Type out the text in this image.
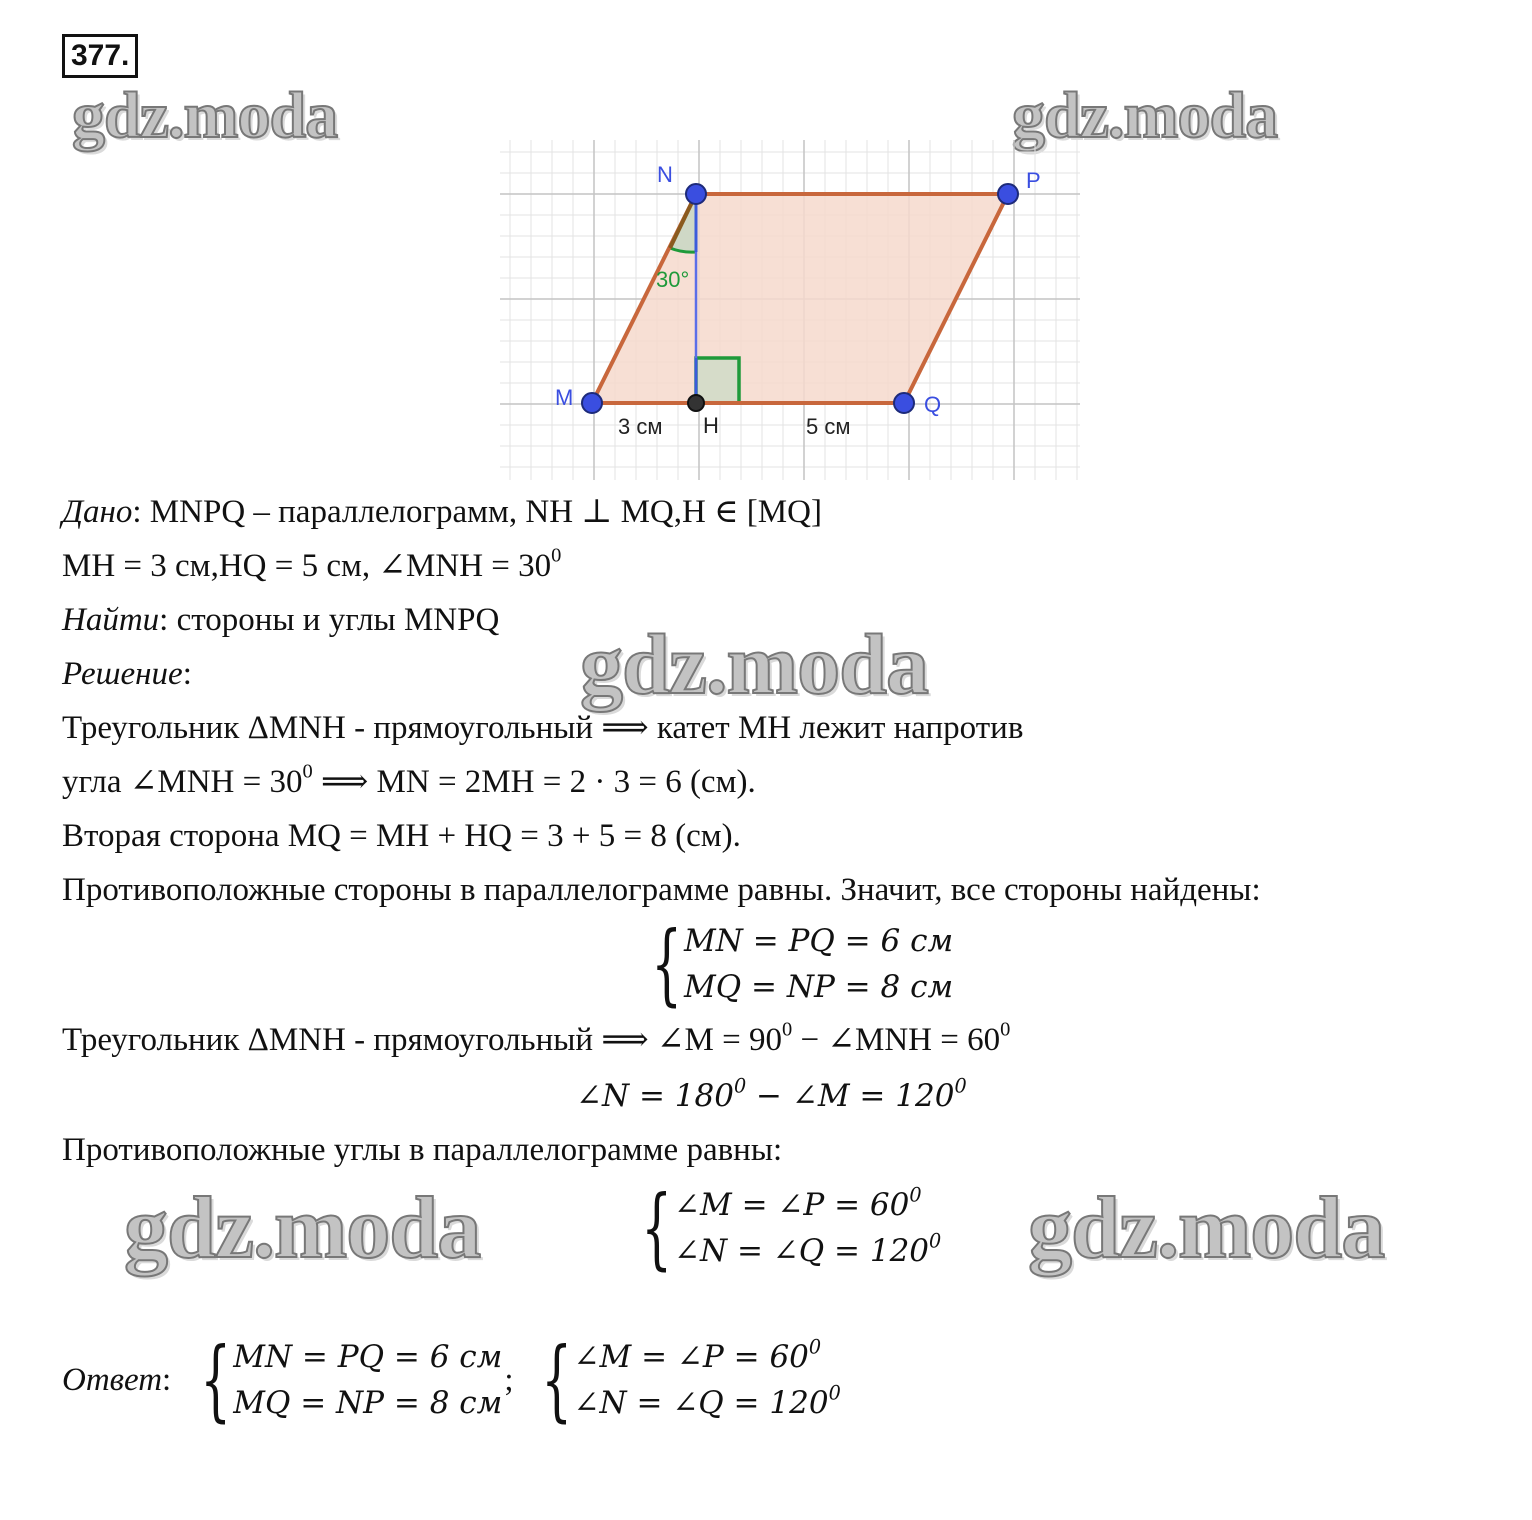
377.
gdz.moda	gdz.moda
N	P
M	Q
H
30°
3 см	5 см
Дано: MNPQ – параллелограмм, NH ⊥ MQ,H ∈ [MQ]
MH = 3 см,HQ = 5 см, ∠MNH = $30^0$
Найти: стороны и углы MNPQ
Решение:	gdz.moda
Треугольник ΔMNH - прямоугольный ⟹ катет MH лежит напротив
угла ∠MNH = $30^0$ ⟹ MN = 2MH = 2 · 3 = 6 (см).
Вторая сторона MQ = MH + HQ = 3 + 5 = 8 (см).
Противоположные стороны в параллелограмме равны. Значит, все стороны найдены:
{ MN = PQ = 6 см
MQ = NP = 8 см
Треугольник ΔMNH - прямоугольный ⟹ ∠M = $90^0$ − ∠MNH = $60^0$
∠N = $180^0$ − ∠M = $120^0$
Противоположные углы в параллелограмме равны:
gdz.moda	gdz.moda
{ ∠M = ∠P = $60^0$
∠N = ∠Q = $120^0$
Ответ: { MN = PQ = 6 см
MQ = NP = 8 см
; { ∠M = ∠P = $60^0$
∠N = ∠Q = $120^0$
